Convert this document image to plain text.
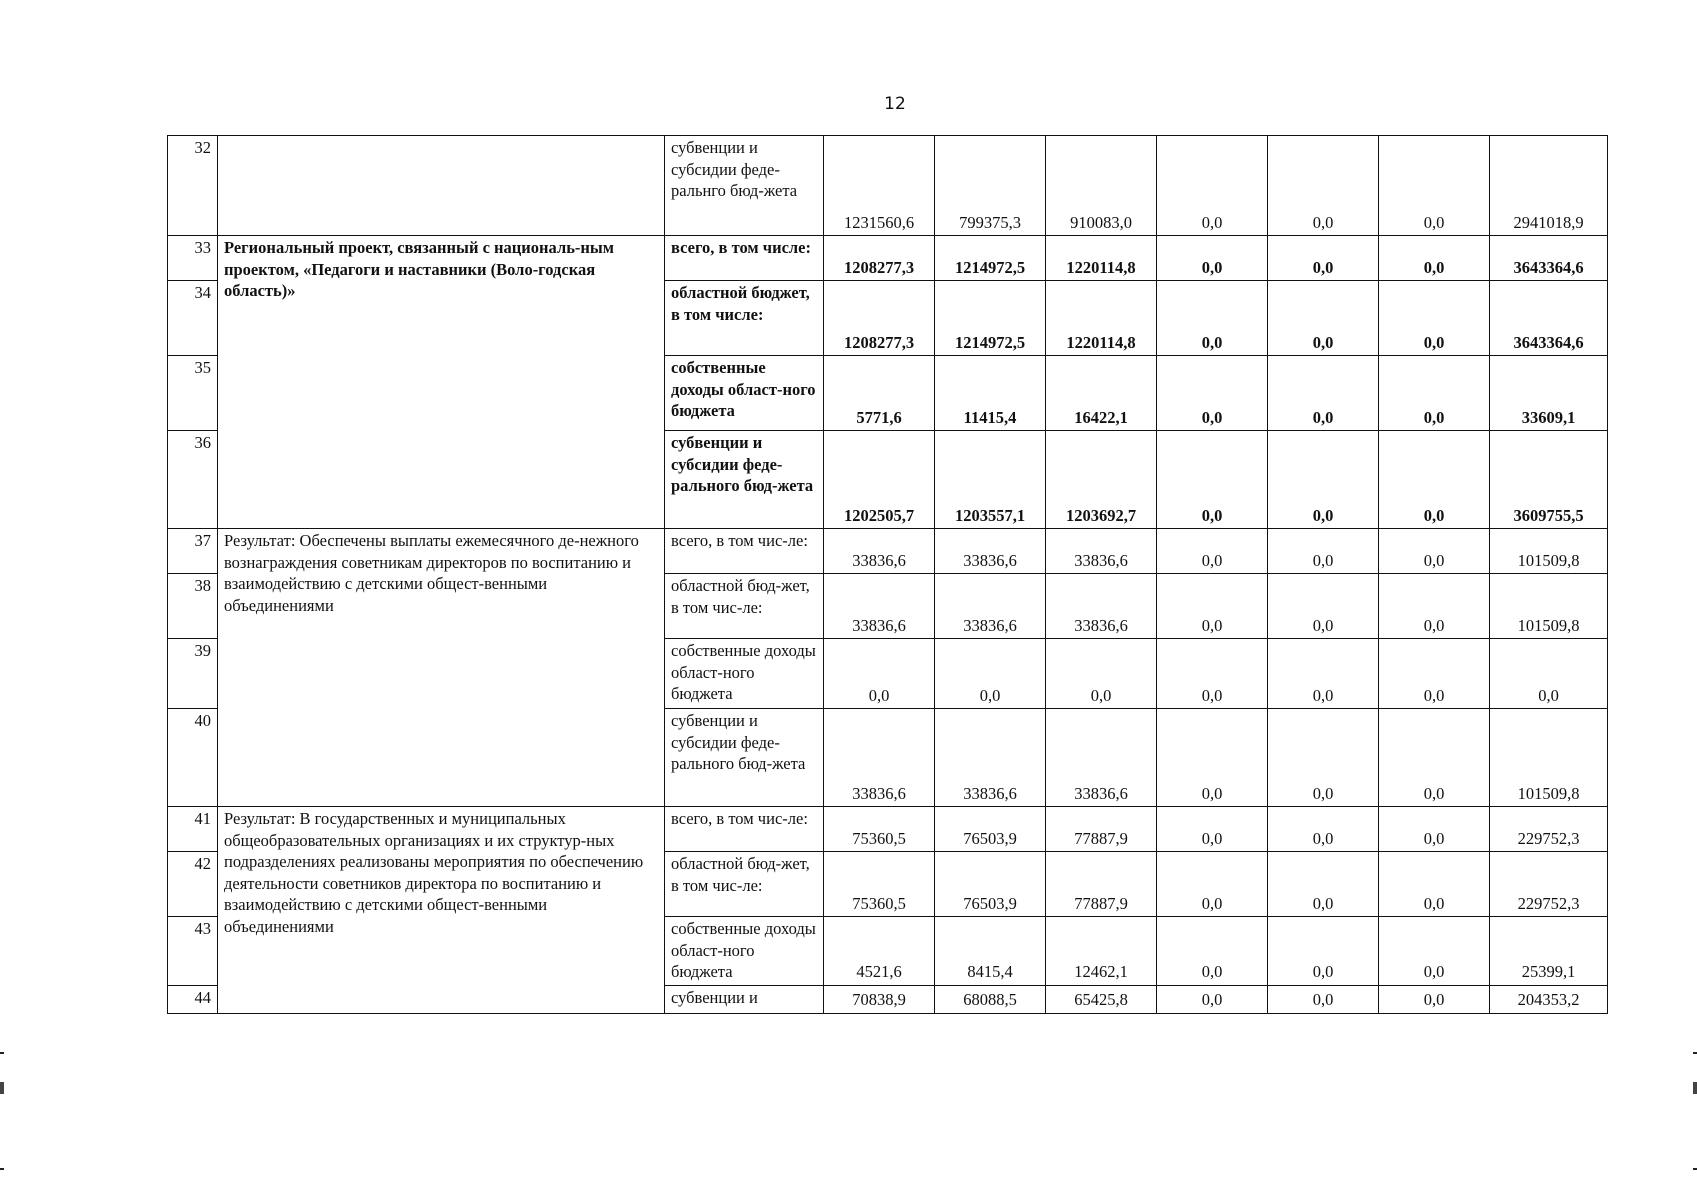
12
32		субвенции и субсидии феде-ральнго бюд-жета	1231560,6	799375,3	910083,0	0,0	0,0	0,0	2941018,9
33	Региональный проект, связанный с националь-ным проектом, «Педагоги и наставники (Воло-годская область)»	всего, в том числе:	1208277,3	1214972,5	1220114,8	0,0	0,0	0,0	3643364,6
34		областной бюджет, в том числе:	1208277,3	1214972,5	1220114,8	0,0	0,0	0,0	3643364,6
35		собственные доходы област-ного бюджета	5771,6	11415,4	16422,1	0,0	0,0	0,0	33609,1
36		субвенции и субсидии феде-рального бюд-жета	1202505,7	1203557,1	1203692,7	0,0	0,0	0,0	3609755,5
37	Результат: Обеспечены выплаты ежемесячного де-нежного вознаграждения советникам директоров по воспитанию и взаимодействию с детскими общест-венными объединениями	всего, в том чис-ле:	33836,6	33836,6	33836,6	0,0	0,0	0,0	101509,8
38		областной бюд-жет, в том чис-ле:	33836,6	33836,6	33836,6	0,0	0,0	0,0	101509,8
39		собственные доходы област-ного бюджета	0,0	0,0	0,0	0,0	0,0	0,0	0,0
40		субвенции и субсидии феде-рального бюд-жета	33836,6	33836,6	33836,6	0,0	0,0	0,0	101509,8
41	Результат: В государственных и муниципальных общеобразовательных организациях и их структур-ных подразделениях реализованы мероприятия по обеспечению деятельности советников директора по воспитанию и взаимодействию с детскими общест-венными объединениями	всего, в том чис-ле:	75360,5	76503,9	77887,9	0,0	0,0	0,0	229752,3
42		областной бюд-жет, в том чис-ле:	75360,5	76503,9	77887,9	0,0	0,0	0,0	229752,3
43		собственные доходы област-ного бюджета	4521,6	8415,4	12462,1	0,0	0,0	0,0	25399,1
44		субвенции и	70838,9	68088,5	65425,8	0,0	0,0	0,0	204353,2
